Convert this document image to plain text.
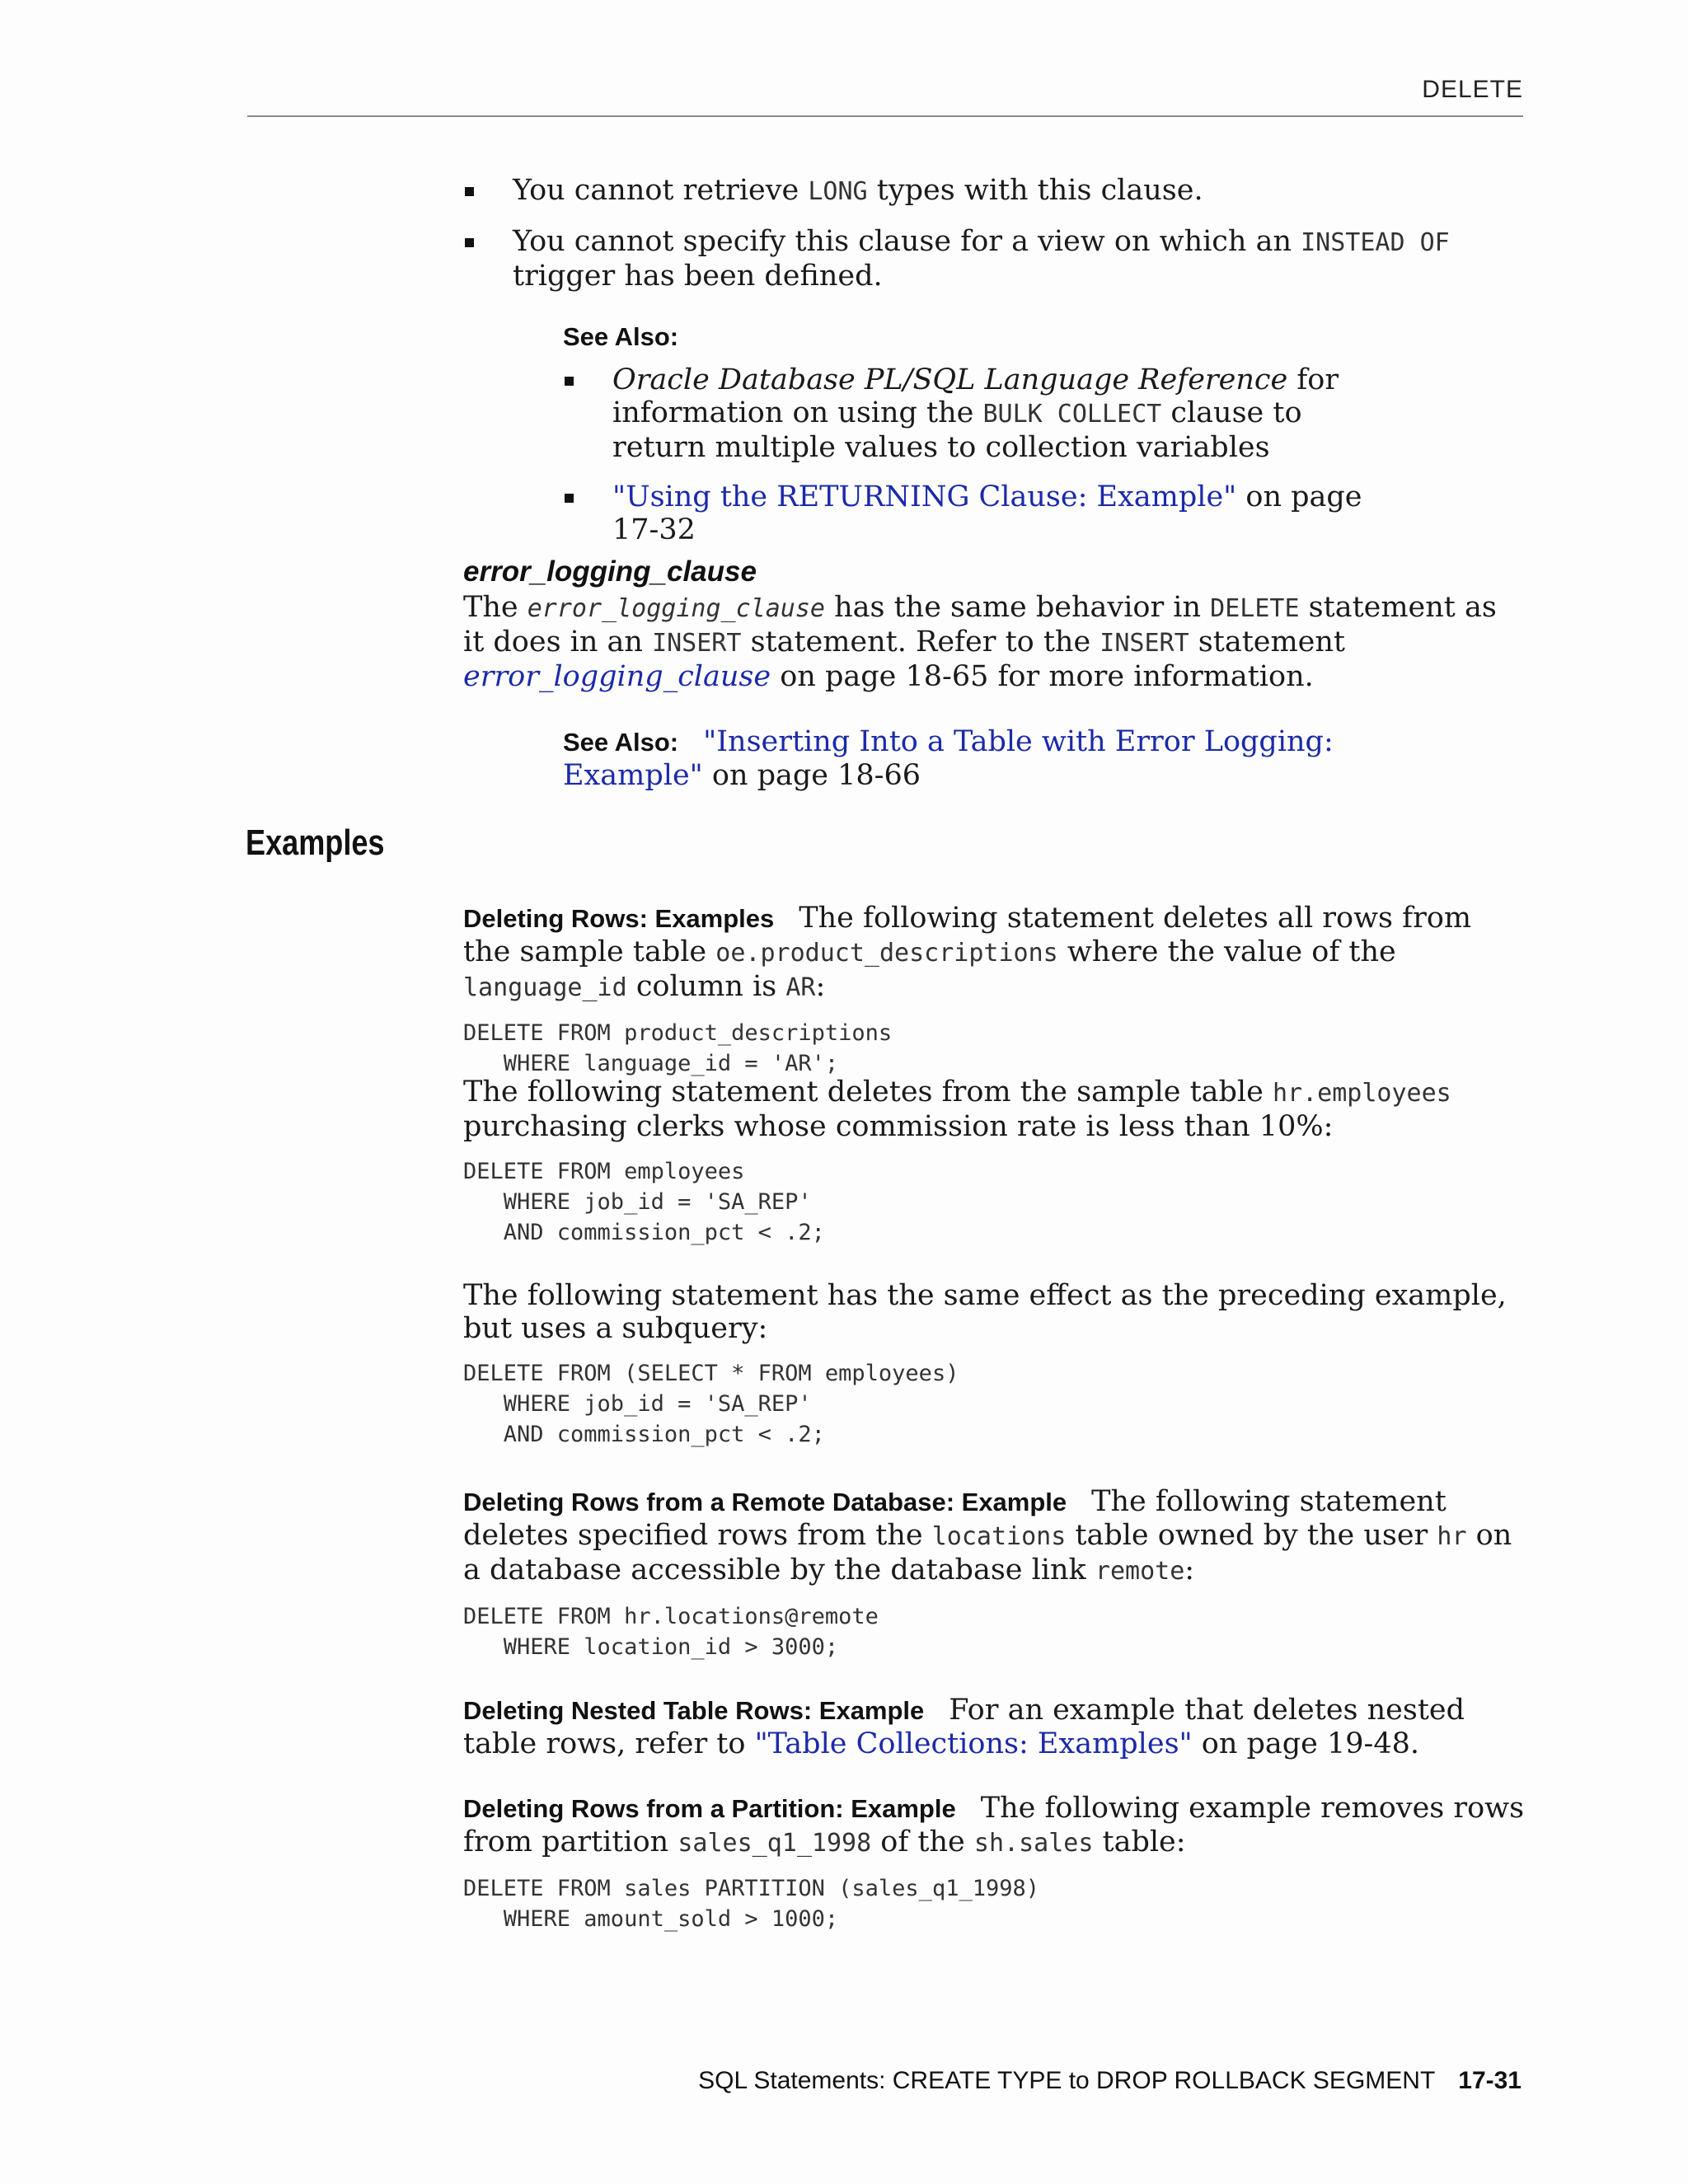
DELETE
You cannot retrieve LONG types with this clause.
You cannot specify this clause for a view on which an INSTEAD OF trigger has been defined.
See Also:
Oracle Database PL/SQL Language Reference for information on using the BULK COLLECT clause to return multiple values to collection variables
"Using the RETURNING Clause: Example" on page 17-32
error_logging_clause

The error_logging_clause has the same behavior in DELETE statement as it does in an INSERT statement. Refer to the INSERT statement error_logging_clause on page 18-65 for more information.

See Also: "Inserting Into a Table with Error Logging: Example" on page 18-66

Examples

Deleting Rows: Examples The following statement deletes all rows from the sample table oe.product_descriptions where the value of the language_id column is AR:

DELETE FROM product_descriptions
WHERE language_id = 'AR';

The following statement deletes from the sample table hr.employees purchasing clerks whose commission rate is less than 10%:

DELETE FROM employees
WHERE job_id = 'SA_REP'
AND commission_pct < .2;

The following statement has the same effect as the preceding example, but uses a subquery:

DELETE FROM (SELECT * FROM employees)
WHERE job_id = 'SA_REP'
AND commission_pct < .2;

Deleting Rows from a Remote Database: Example The following statement deletes specified rows from the locations table owned by the user hr on a database accessible by the database link remote:

DELETE FROM hr.locations@remote
WHERE location_id > 3000;

Deleting Nested Table Rows: Example For an example that deletes nested table rows, refer to "Table Collections: Examples" on page 19-48.

Deleting Rows from a Partition: Example The following example removes rows from partition sales_q1_1998 of the sh.sales table:

DELETE FROM sales PARTITION (sales_q1_1998)
WHERE amount_sold > 1000;
SQL Statements: CREATE TYPE to DROP ROLLBACK SEGMENT 17-31
